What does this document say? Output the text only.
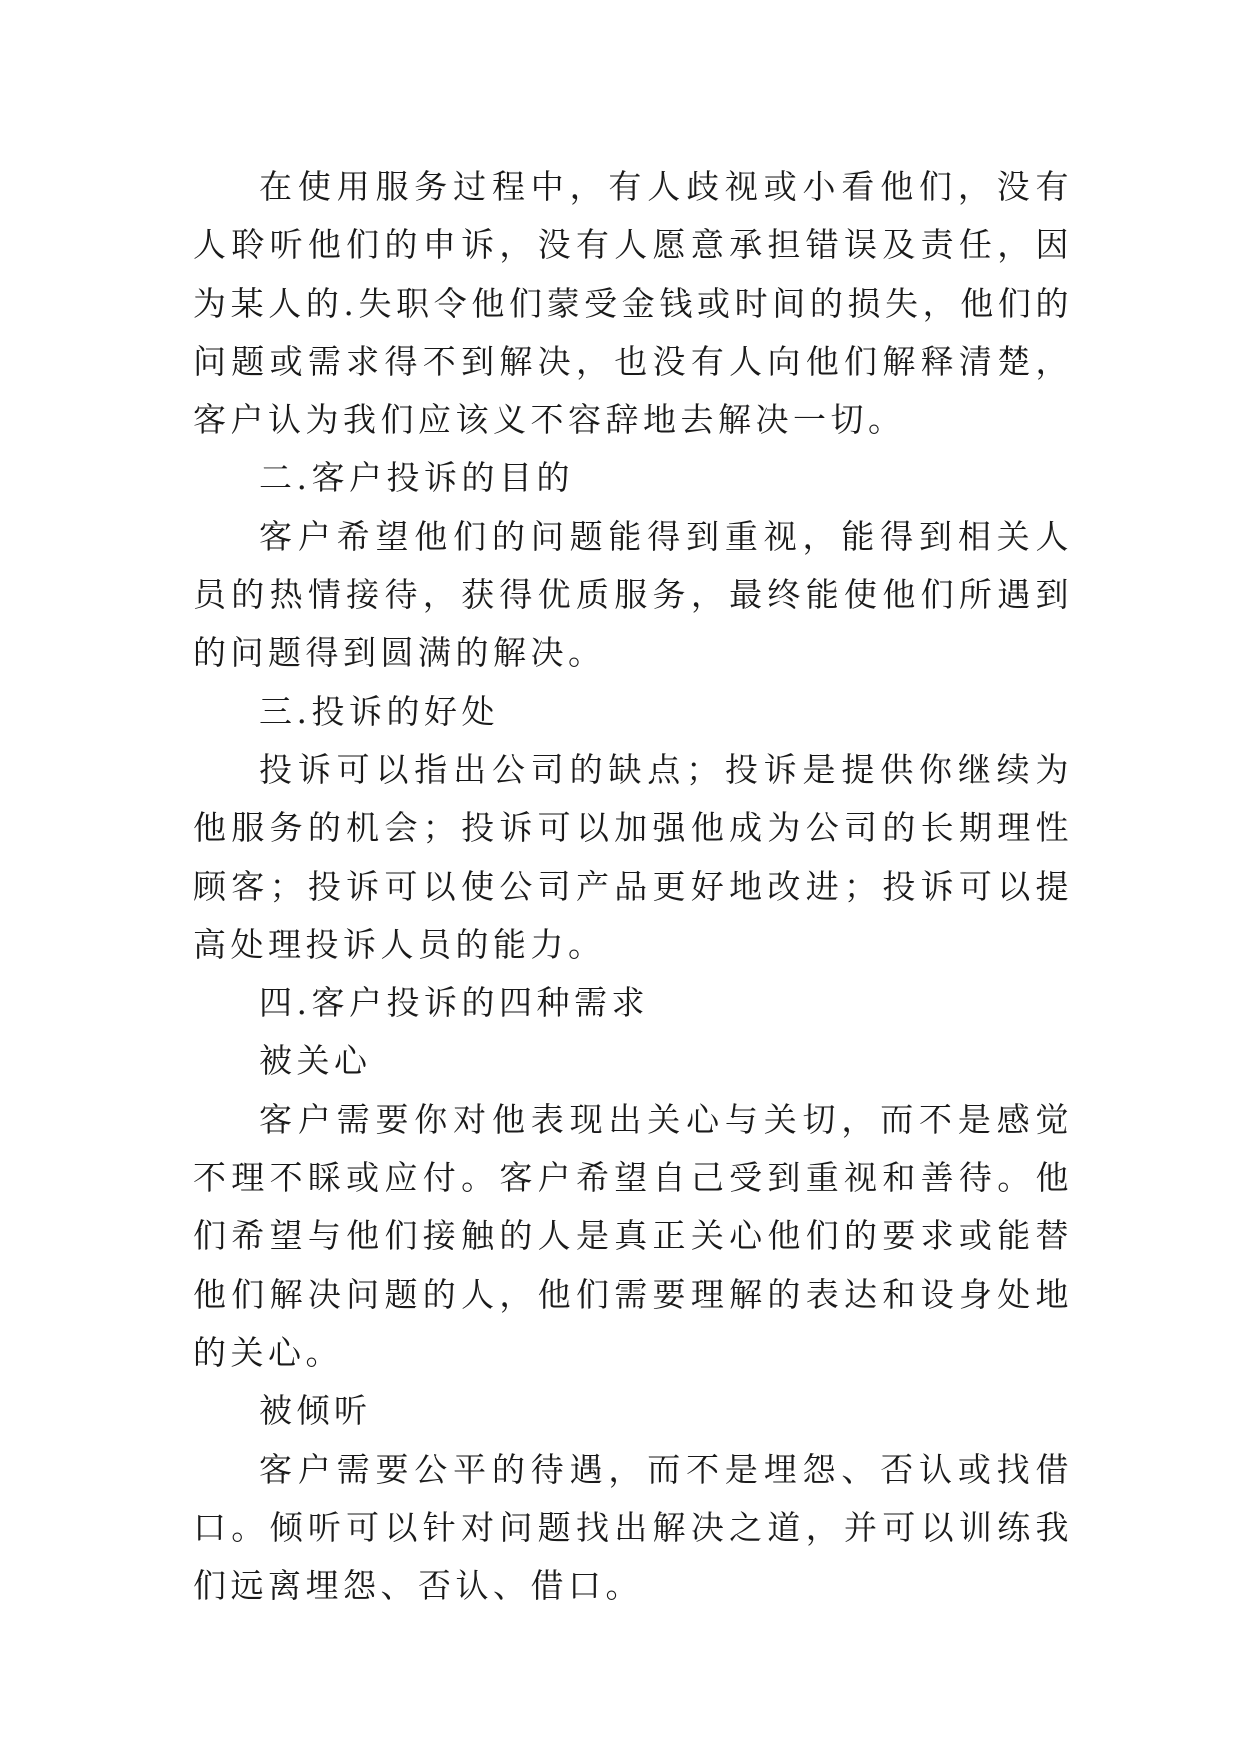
在使用服务过程中，有人歧视或小看他们，没有人聆听他们的申诉，没有人愿意承担错误及责任，因为某人的.失职令他们蒙受金钱或时间的损失，他们的问题或需求得不到解决，也没有人向他们解释清楚，客户认为我们应该义不容辞地去解决一切。

二.客户投诉的目的

客户希望他们的问题能得到重视，能得到相关人员的热情接待，获得优质服务，最终能使他们所遇到的问题得到圆满的解决。

三.投诉的好处

投诉可以指出公司的缺点；投诉是提供你继续为他服务的机会；投诉可以加强他成为公司的长期理性顾客；投诉可以使公司产品更好地改进；投诉可以提高处理投诉人员的能力。

四.客户投诉的四种需求

被关心

客户需要你对他表现出关心与关切，而不是感觉不理不睬或应付。客户希望自己受到重视和善待。他们希望与他们接触的人是真正关心他们的要求或能替他们解决问题的人，他们需要理解的表达和设身处地的关心。

被倾听

客户需要公平的待遇，而不是埋怨、否认或找借口。倾听可以针对问题找出解决之道，并可以训练我们远离埋怨、否认、借口。
